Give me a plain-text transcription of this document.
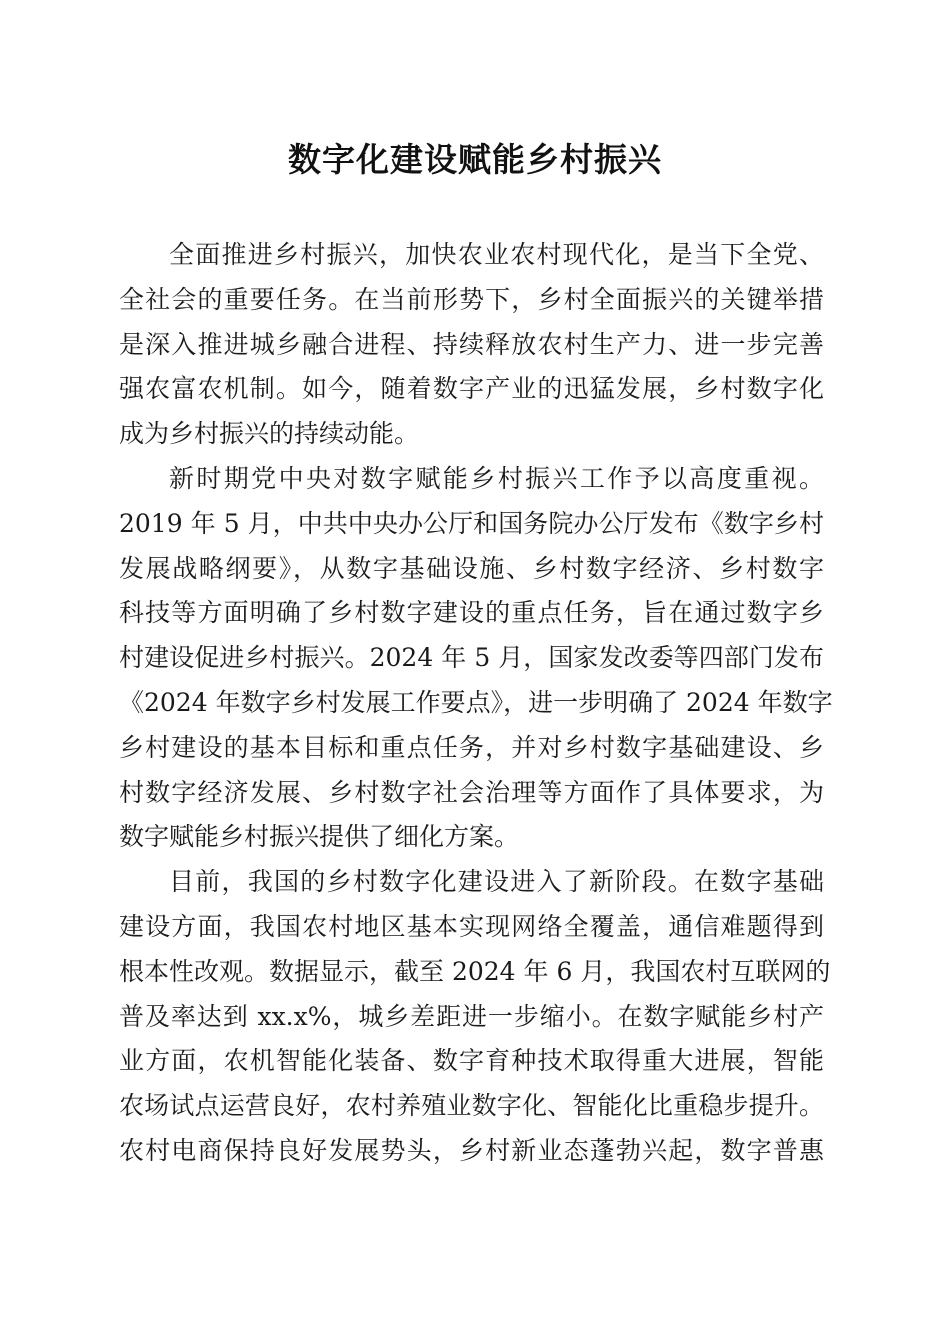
数字化建设赋能乡村振兴
全面推进乡村振兴，加快农业农村现代化，是当下全党、
全社会的重要任务。在当前形势下，乡村全面振兴的关键举措
是深入推进城乡融合进程、持续释放农村生产力、进一步完善
强农富农机制。如今，随着数字产业的迅猛发展，乡村数字化
成为乡村振兴的持续动能。
新时期党中央对数字赋能乡村振兴工作予以高度重视。
2019 年 5 月，中共中央办公厅和国务院办公厅发布《数字乡村
发展战略纲要》，从数字基础设施、乡村数字经济、乡村数字
科技等方面明确了乡村数字建设的重点任务，旨在通过数字乡
村建设促进乡村振兴。2024 年 5 月，国家发改委等四部门发布
《2024 年数字乡村发展工作要点》，进一步明确了 2024 年数字
乡村建设的基本目标和重点任务，并对乡村数字基础建设、乡
村数字经济发展、乡村数字社会治理等方面作了具体要求，为
数字赋能乡村振兴提供了细化方案。
目前，我国的乡村数字化建设进入了新阶段。在数字基础
建设方面，我国农村地区基本实现网络全覆盖，通信难题得到
根本性改观。数据显示，截至 2024 年 6 月，我国农村互联网的
普及率达到 xx.x%，城乡差距进一步缩小。在数字赋能乡村产
业方面，农机智能化装备、数字育种技术取得重大进展，智能
农场试点运营良好，农村养殖业数字化、智能化比重稳步提升。
农村电商保持良好发展势头，乡村新业态蓬勃兴起，数字普惠
